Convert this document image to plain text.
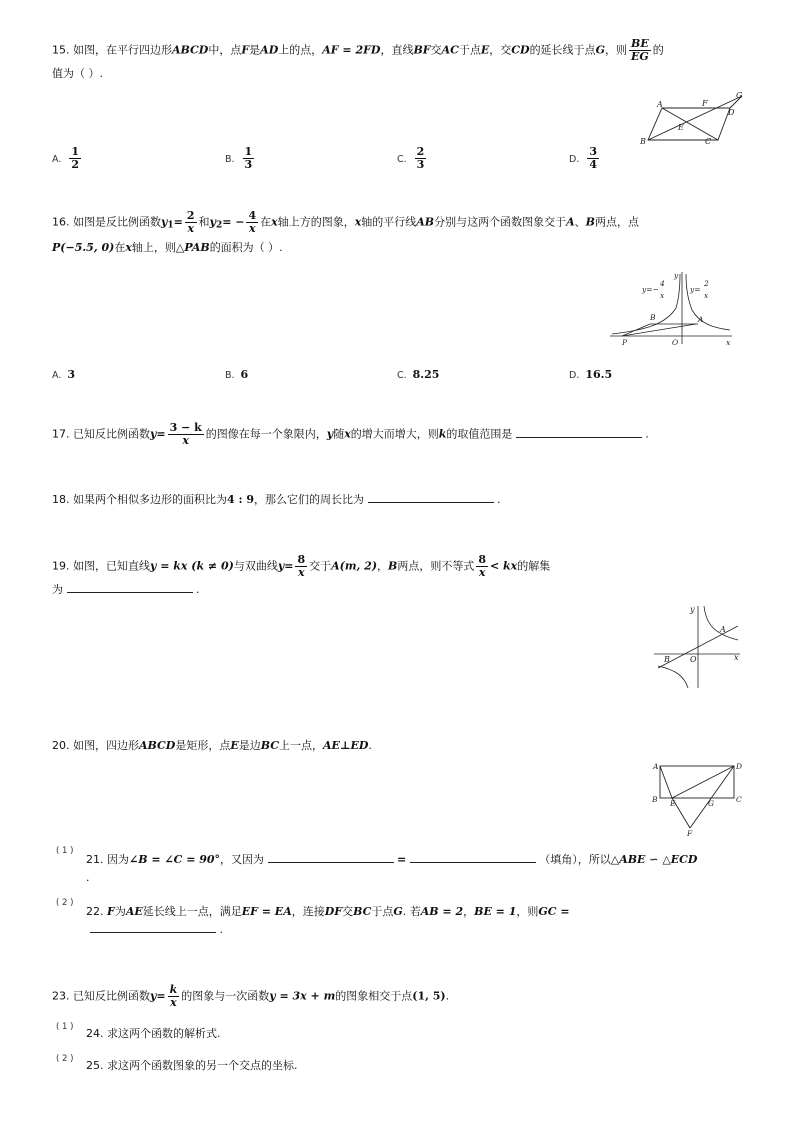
15. 如图，在平行四边形ABCD中，点F是AD上的点，AF = 2FD，直线BF交AC于点E，交CD的延长线于点G，则 $\frac{BE}{EG}$ 的
值为（ ）.
A	F
G
D
E
B	C
A. $\frac{1}{2}$	B. $\frac{1}{3}$	C. $\frac{2}{3}$	D. $\frac{3}{4}$
16. 如图是反比例函数$y_1= \frac{2}{x}$ 和$y_2= - \frac{4}{x}$ 在x轴上方的图象，x轴的平行线AB分别与这两个函数图象交于A、B两点，点
P(−5.5, 0)在x轴上，则△PAB的面积为（ ）.
y=−
4
x
y=
2
x
y
B	A
P	O	x
A. 3	B. 6	C. 8.25	D. 16.5
17. 已知反比例函数$y= \frac{3 - k}{x}$ 的图像在每一个象限内，y随x的增大而增大，则k的取值范围是	.
18. 如果两个相似多边形的面积比为4 : 9，那么它们的周长比为	.
19. 如图，已知直线y = kx (k ≠ 0)与双曲线$y= \frac{8}{x}$ 交于A(m, 2)，B两点，则不等式 $\frac{8}{x}$ < kx的解集
为	.
y
A
O
B	x
20. 如图，四边形ABCD是矩形，点E是边BC上一点，AE⊥ED.
A	D
B E	G	C
F
( 1 )
21. 因为∠B = ∠C = 90°，又因为	=	（填角），所以△ABE ∽ △ECD
.
( 2 )
22. F为AE延长线上一点，满足EF = EA，连接DF交BC于点G. 若AB = 2，BE = 1，则GC =
.
23. 已知反比例函数$y= \frac{k}{x}$ 的图象与一次函数y = 3x + m的图象相交于点(1, 5).
( 1 ) 24. 求这两个函数的解析式.
( 2 ) 25. 求这两个函数图象的另一个交点的坐标.
